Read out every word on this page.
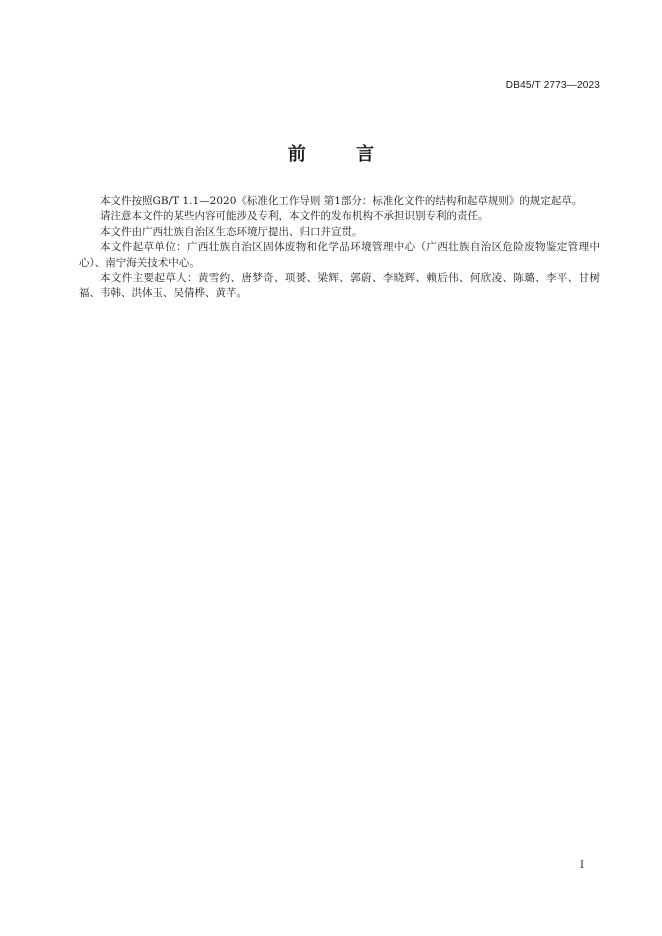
DB45/T 2773—2023
前 言

本文件按照GB/T 1.1—2020《标准化工作导则 第1部分：标准化文件的结构和起草规则》的规定起草。

请注意本文件的某些内容可能涉及专利，本文件的发布机构不承担识别专利的责任。

本文件由广西壮族自治区生态环境厅提出、归口并宣贯。

本文件起草单位：广西壮族自治区固体废物和化学品环境管理中心（广西壮族自治区危险废物鉴定管理中心）、南宁海关技术中心。

本文件主要起草人：黄雪约、唐梦奇、项赟、梁辉、郭蔚、李晓辉、赖后伟、何欣凌、陈璐、李平、甘树福、韦韩、洪体玉、吴倩桦、黄芊。

I
